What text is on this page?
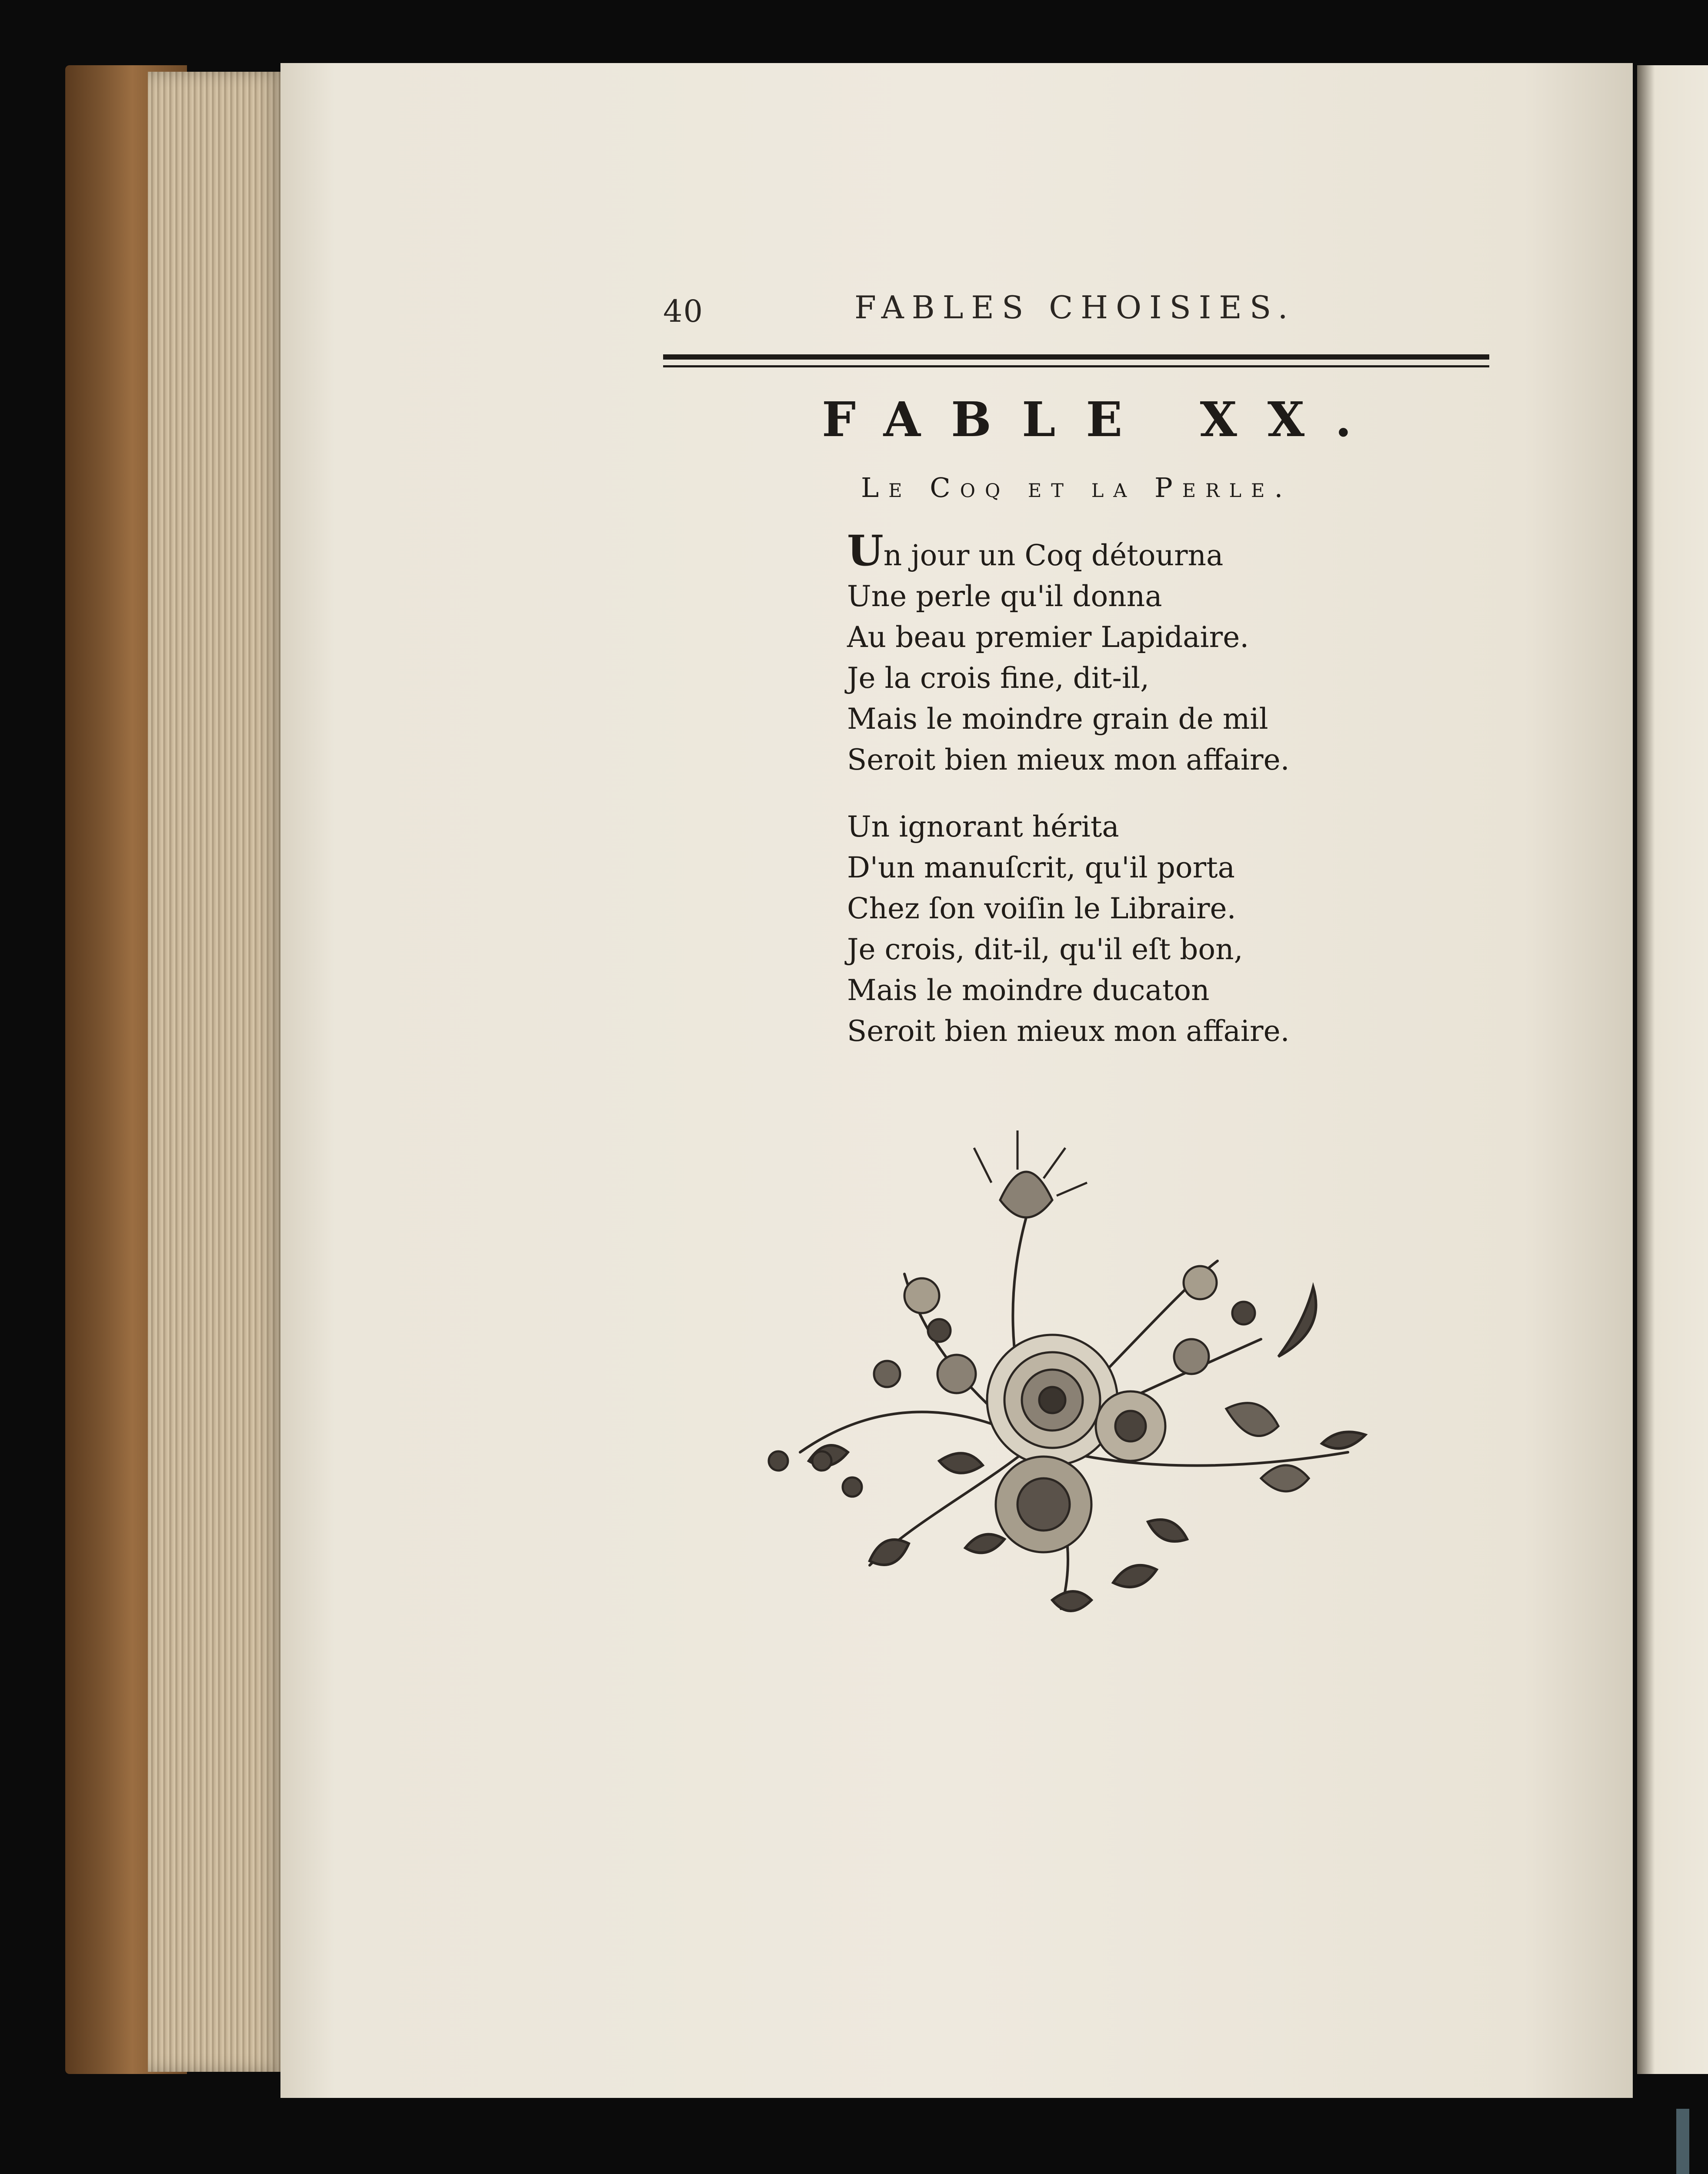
40	FABLES CHOISIES.
FABLE XX.
Le Coq et la Perle.
Un jour un Coq détourna
Une perle qu'il donna
Au beau premier Lapidaire.
Je la crois fine, dit-il,
Mais le moindre grain de mil
Seroit bien mieux mon affaire.
Un ignorant hérita
D'un manuſcrit, qu'il porta
Chez ſon voiſin le Libraire.
Je crois, dit-il, qu'il eſt bon,
Mais le moindre ducaton
Seroit bien mieux mon affaire.
